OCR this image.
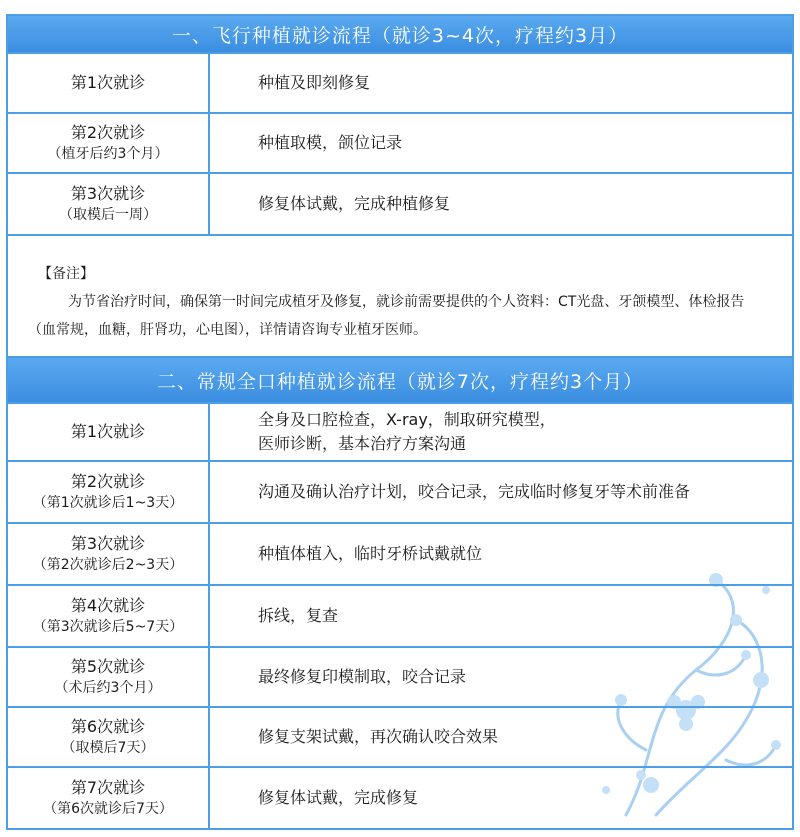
一、飞行种植就诊流程（就诊3~4次，疗程约3月）
第1次就诊	种植及即刻修复
第2次就诊
（植牙后约3个月）
种植取模，颌位记录
第3次就诊
（取模后一周）
修复体试戴，完成种植修复
【备注】
为节省治疗时间，确保第一时间完成植牙及修复，就诊前需要提供的个人资料：CT光盘、牙颌模型、体检报告（血常规，血糖，肝肾功，心电图），详情请咨询专业植牙医师。
二、常规全口种植就诊流程（就诊7次，疗程约3个月）
第1次就诊
全身及口腔检查，X-ray，制取研究模型，
医师诊断，基本治疗方案沟通
第2次就诊
（第1次就诊后1~3天）
沟通及确认治疗计划，咬合记录，完成临时修复牙等术前准备
第3次就诊
（第2次就诊后2~3天）
种植体植入，临时牙桥试戴就位
第4次就诊
（第3次就诊后5~7天）
拆线，复查
第5次就诊
（术后约3个月）
最终修复印模制取，咬合记录
第6次就诊
（取模后7天）
修复支架试戴，再次确认咬合效果
第7次就诊
（第6次就诊后7天）
修复体试戴，完成修复
